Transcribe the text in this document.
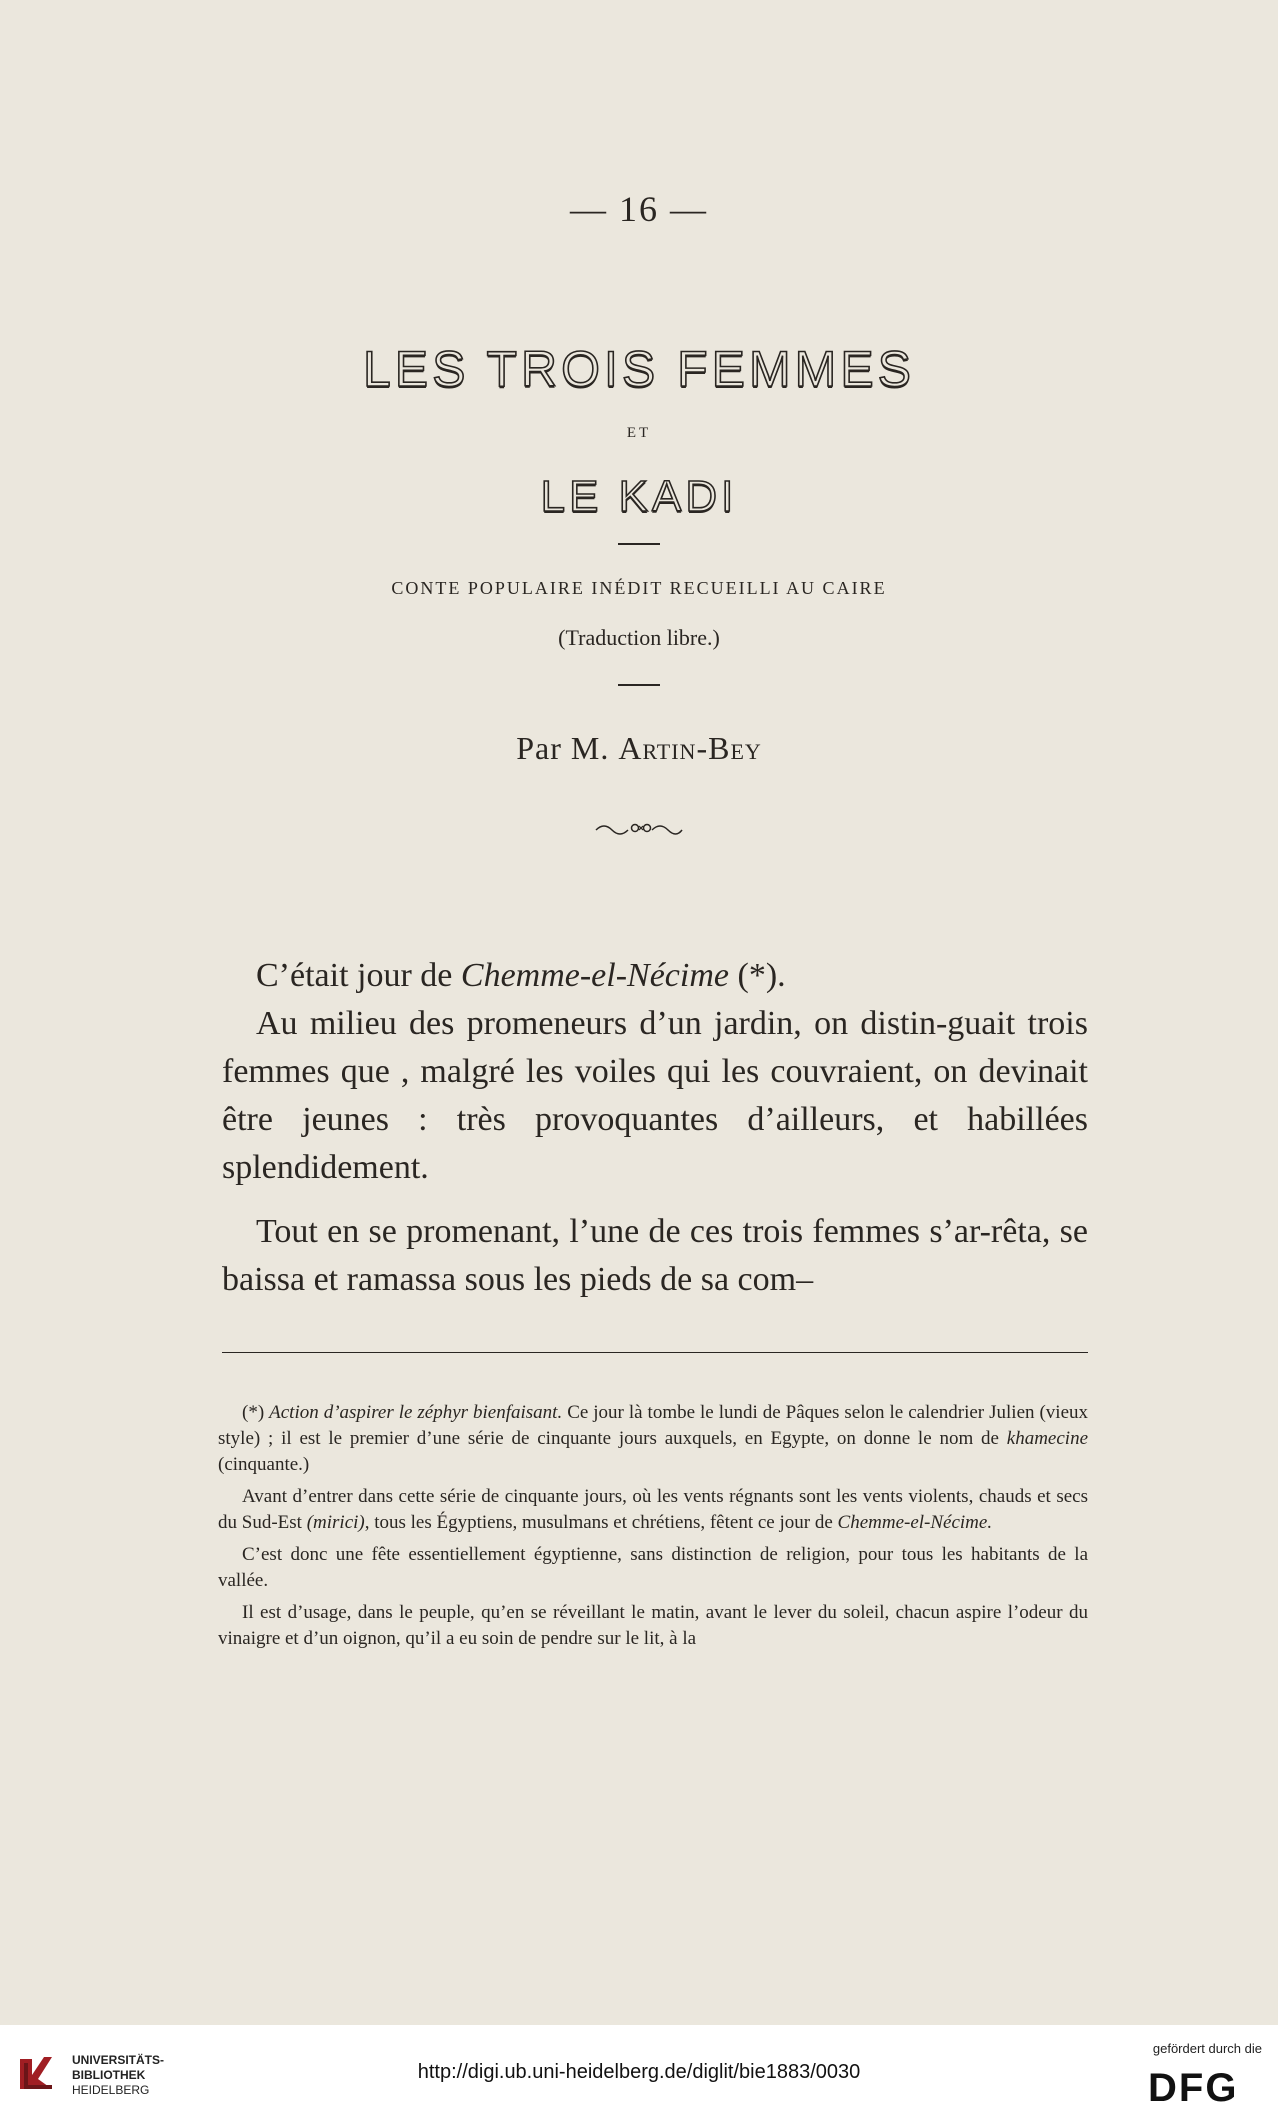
— 16 —
LES TROIS FEMMES
ET
LE KADI
CONTE POPULAIRE INÉDIT RECUEILLI AU CAIRE
(Traduction libre.)
Par M. Artin-Bey

C’était jour de Chemme-el-Nécime (*).

Au milieu des promeneurs d’un jardin, on distin-guait trois femmes que , malgré les voiles qui les couvraient, on devinait être jeunes : très provoquantes d’ailleurs, et habillées splendidement.

Tout en se promenant, l’une de ces trois femmes s’ar-rêta, se baissa et ramassa sous les pieds de sa com–

(*) Action d’aspirer le zéphyr bienfaisant. Ce jour là tombe le lundi de Pâques selon le calendrier Julien (vieux style) ; il est le premier d’une série de cinquante jours auxquels, en Egypte, on donne le nom de khamecine (cinquante.)

Avant d’entrer dans cette série de cinquante jours, où les vents régnants sont les vents violents, chauds et secs du Sud-Est (mirici), tous les Égyptiens, musulmans et chrétiens, fêtent ce jour de Chemme-el-Nécime.

C’est donc une fête essentiellement égyptienne, sans distinction de religion, pour tous les habitants de la vallée.

Il est d’usage, dans le peuple, qu’en se réveillant le matin, avant le lever du soleil, chacun aspire l’odeur du vinaigre et d’un oignon, qu’il a eu soin de pendre sur le lit, à la

UNIVERSITÄTS-
BIBLIOTHEK
HEIDELBERG
http://digi.ub.uni-heidelberg.de/diglit/bie1883/0030
gefördert durch die
DFG
